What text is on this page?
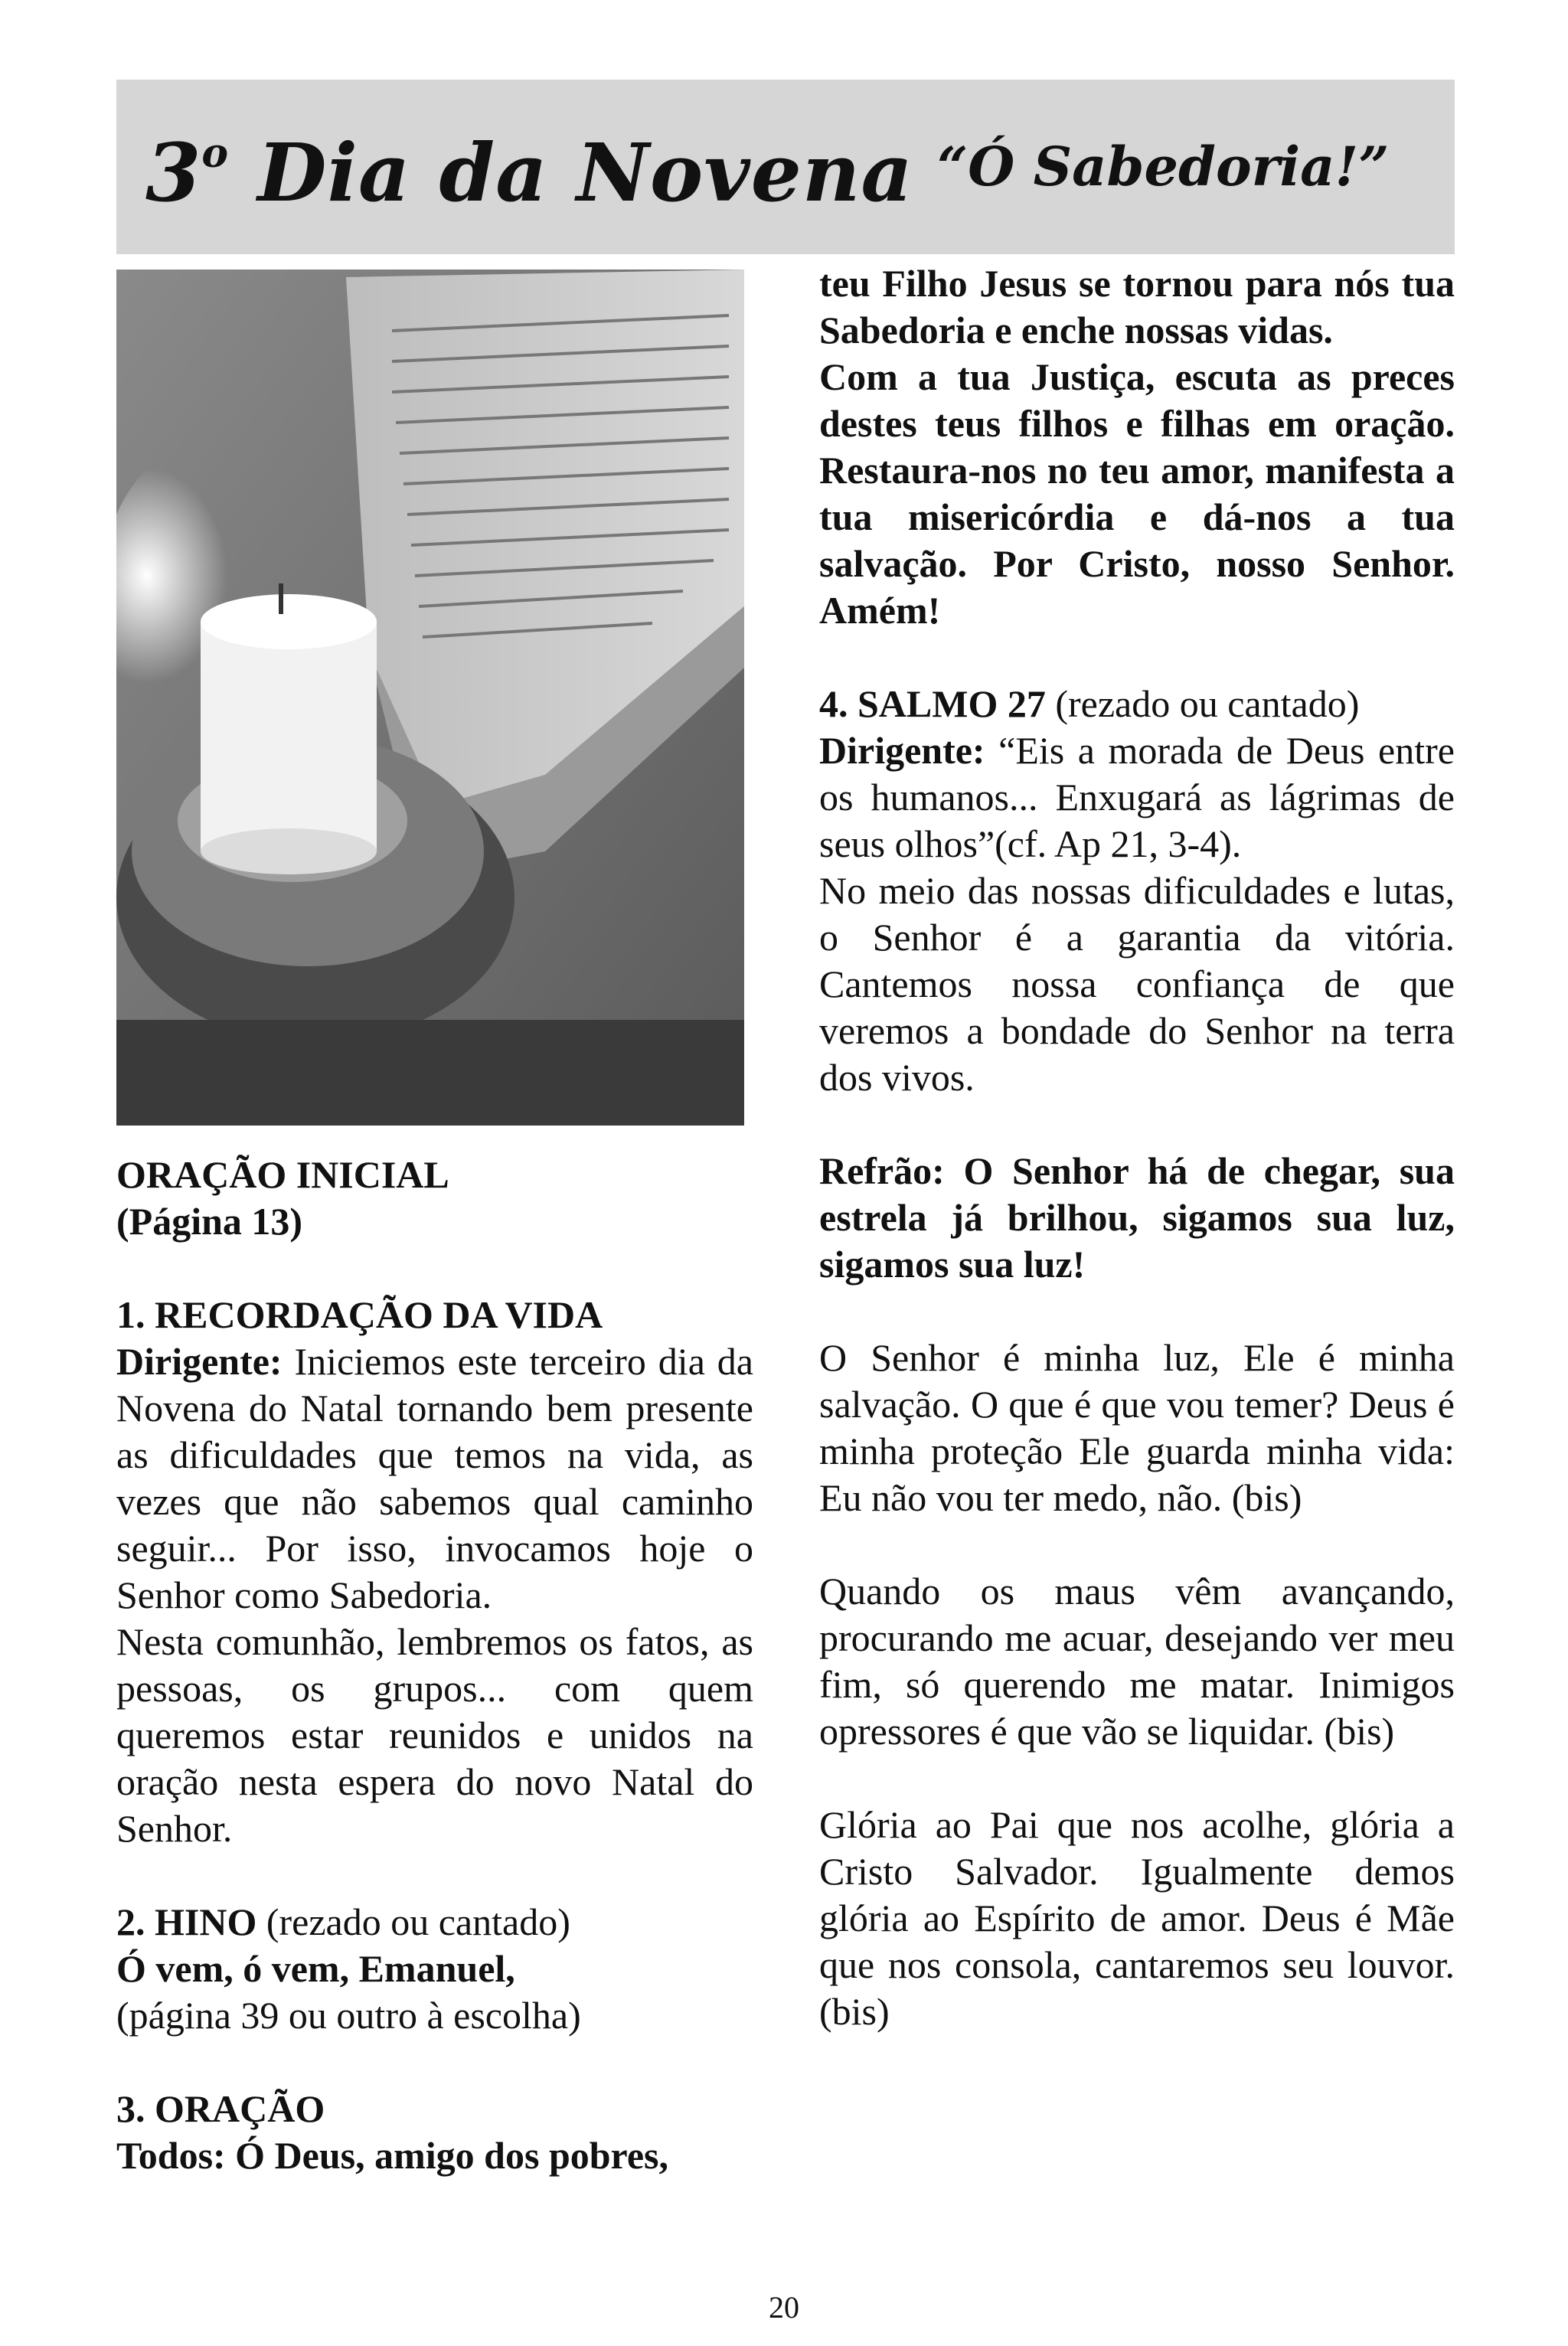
3$^o$ Dia da Novena “Ó Sabedoria!”

ORAÇÃO INICIAL

(Página 13)

1. RECORDAÇÃO DA VIDA

Dirigente: Iniciemos este terceiro dia da Novena do Natal tornando bem presente as dificuldades que temos na vida, as vezes que não sabemos qual caminho seguir... Por isso, invocamos hoje o Senhor como Sabedoria.

Nesta comunhão, lembremos os fatos, as pessoas, os grupos... com quem queremos estar reunidos e unidos na oração nesta espera do novo Natal do Senhor.

2. HINO (rezado ou cantado)

Ó vem, ó vem, Emanuel,

(página 39 ou outro à escolha)

3. ORAÇÃO

Todos: Ó Deus, amigo dos pobres,

teu Filho Jesus se tornou para nós tua Sabedoria e enche nossas vidas.

Com a tua Justiça, escuta as preces destes teus filhos e filhas em oração. Restaura-nos no teu amor, manifesta a tua misericórdia e dá-nos a tua salvação. Por Cristo, nosso Senhor. Amém!

4. SALMO 27 (rezado ou cantado)

Dirigente: “Eis a morada de Deus entre os humanos... Enxugará as lágrimas de seus olhos”(cf. Ap 21, 3-4).

No meio das nossas dificuldades e lutas, o Senhor é a garantia da vitória. Cantemos nossa confiança de que veremos a bondade do Senhor na terra dos vivos.

Refrão: O Senhor há de chegar, sua estrela já brilhou, sigamos sua luz, sigamos sua luz!

O Senhor é minha luz, Ele é minha salvação. O que é que vou temer? Deus é minha proteção Ele guarda minha vida: Eu não vou ter medo, não. (bis)

Quando os maus vêm avançando, procurando me acuar, desejando ver meu fim, só querendo me matar. Inimigos opressores é que vão se liquidar. (bis)

Glória ao Pai que nos acolhe, glória a Cristo Salvador. Igualmente demos glória ao Espírito de amor. Deus é Mãe que nos consola, cantaremos seu louvor. (bis)

20
